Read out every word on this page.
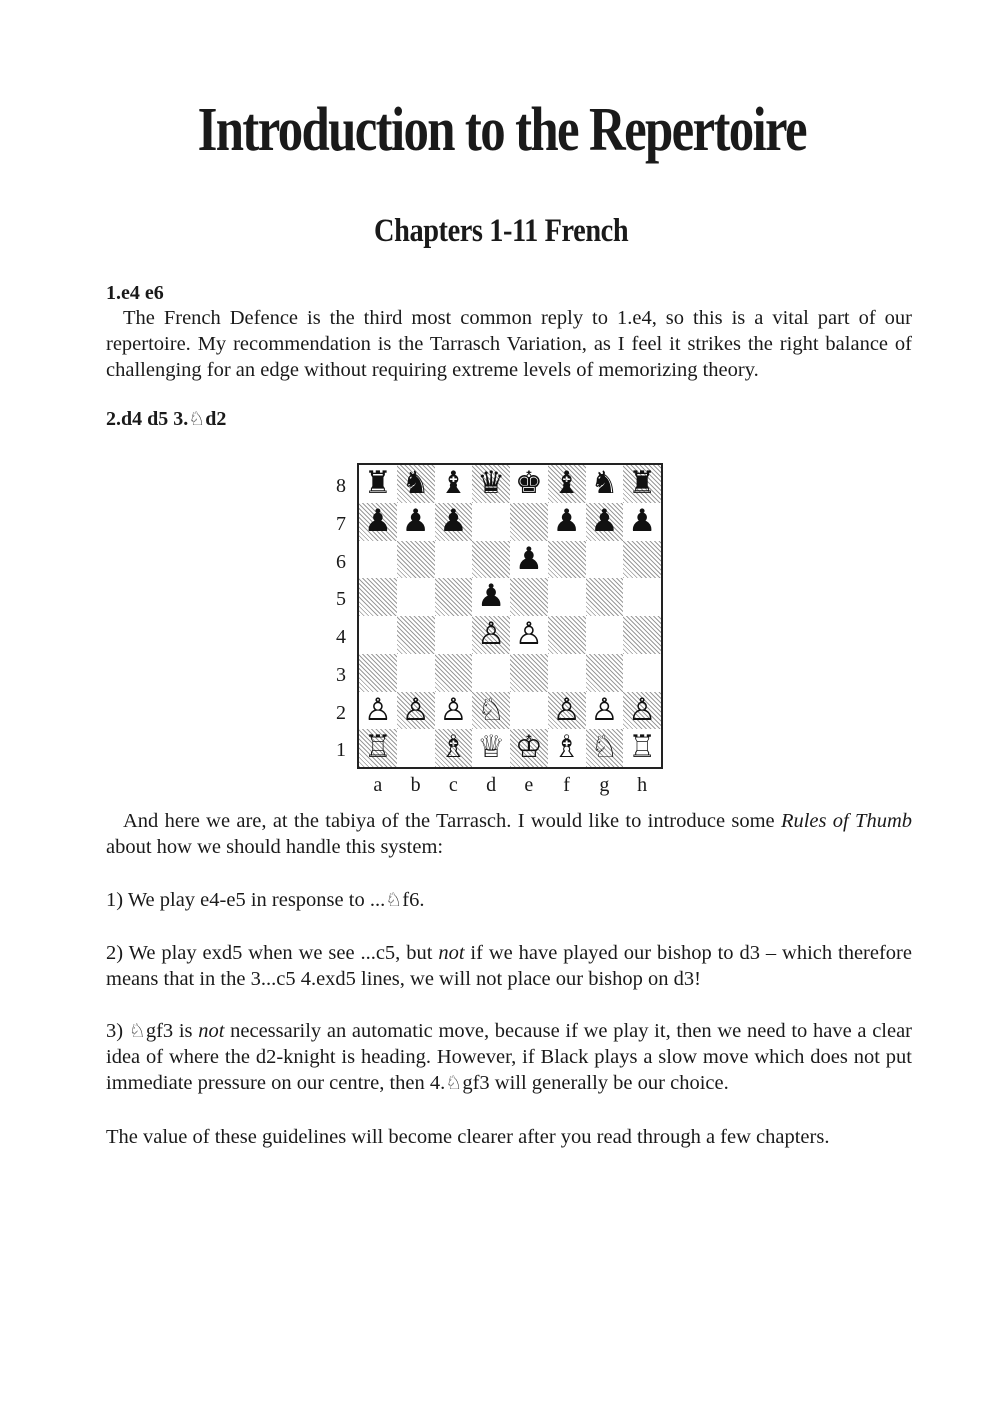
Introduction to the Repertoire
Chapters 1-11 French
1.e4 e6
The French Defence is the third most common reply to 1.e4, so this is a vital part of our repertoire. My recommendation is the Tarrasch Variation, as I feel it strikes the right balance of challenging for an edge without requiring extreme levels of memorizing theory.
2.d4 d5 3.♘d2
♜ ♞ ♝ ♛ ♚ ♝ ♞ ♜
♟ ♟ ♟	♟ ♟ ♟
♟
♟
♙ ♙
♙ ♙ ♙ ♘ ♙ ♙ ♙
♖ ♗ ♕ ♔ ♗ ♘ ♖
8
7
6
5
4
3
2
1
a b c d e	f	g h
And here we are, at the tabiya of the Tarrasch. I would like to introduce some Rules of Thumb about how we should handle this system:
1) We play e4-e5 in response to ...♘f6.
2) We play exd5 when we see ...c5, but not if we have played our bishop to d3 – which therefore means that in the 3...c5 4.exd5 lines, we will not place our bishop on d3!
3) ♘gf3 is not necessarily an automatic move, because if we play it, then we need to have a clear idea of where the d2-knight is heading. However, if Black plays a slow move which does not put immediate pressure on our centre, then 4.♘gf3 will generally be our choice.
The value of these guidelines will become clearer after you read through a few chapters.
